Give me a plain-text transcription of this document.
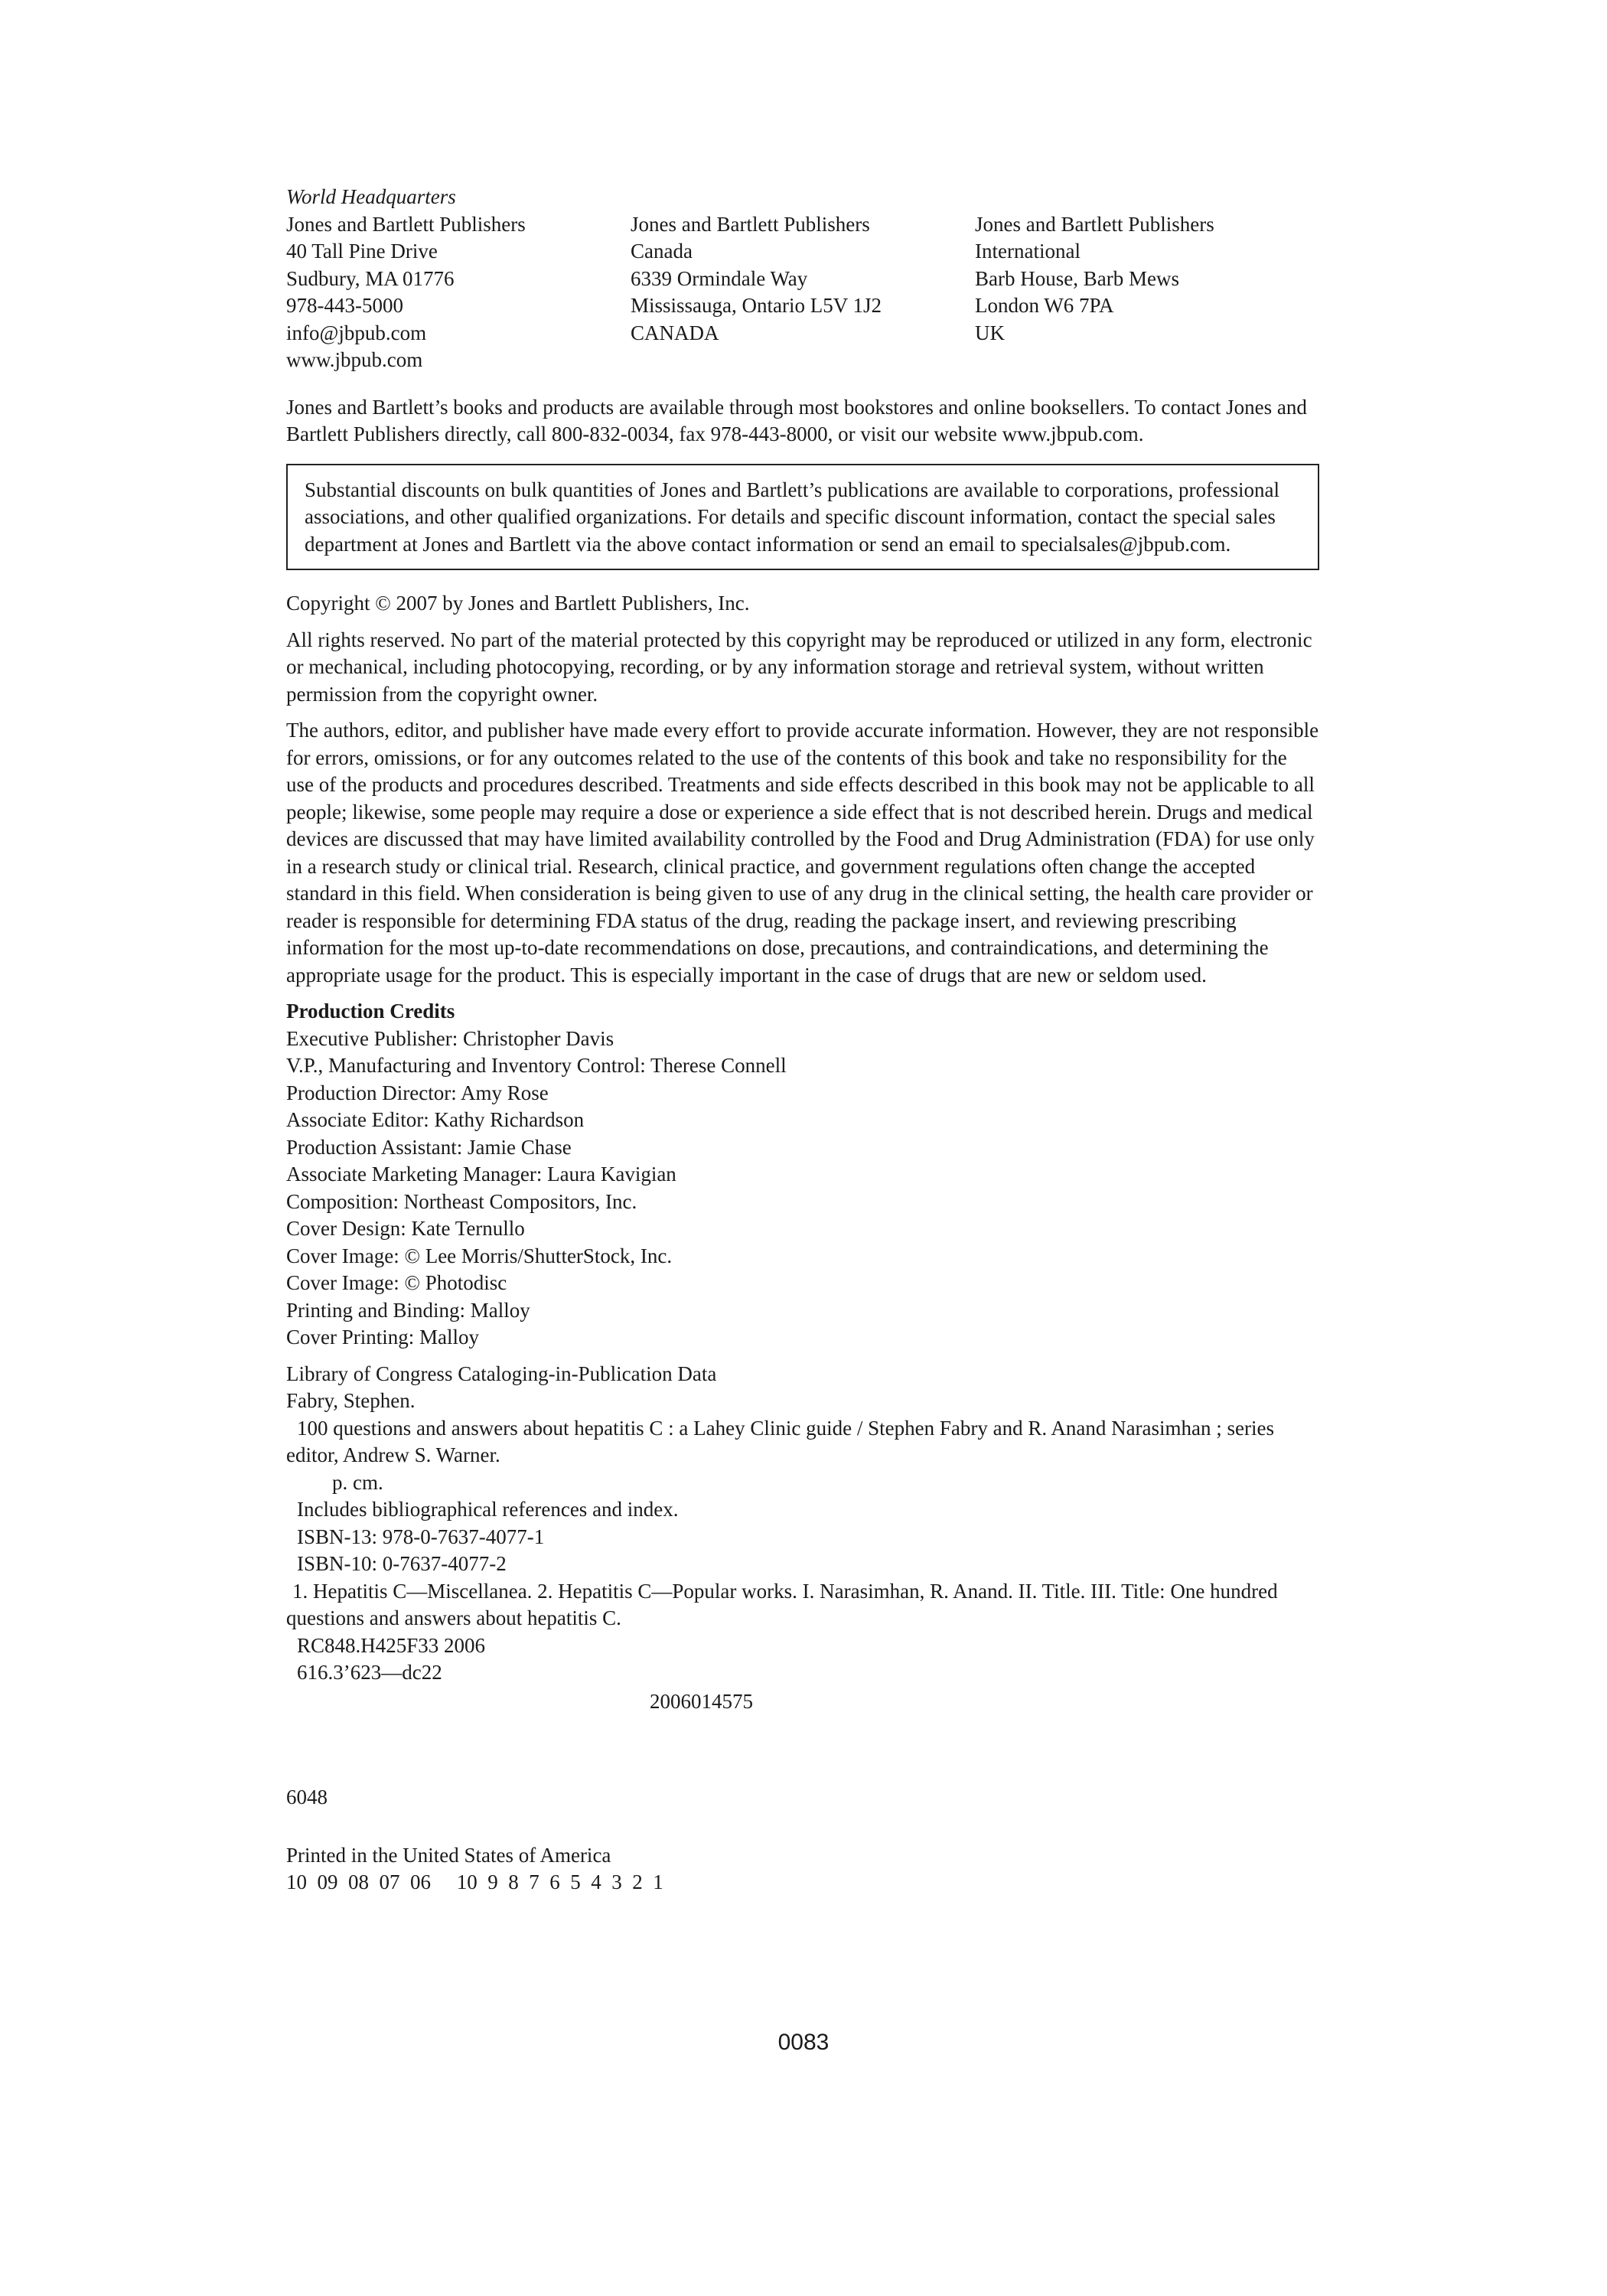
World Headquarters
Jones and Bartlett Publishers
40 Tall Pine Drive
Sudbury, MA 01776
978-443-5000
info@jbpub.com
www.jbpub.com
Jones and Bartlett Publishers
Canada
6339 Ormindale Way
Mississauga, Ontario L5V 1J2
CANADA
Jones and Bartlett Publishers
International
Barb House, Barb Mews
London W6 7PA
UK

Jones and Bartlett’s books and products are available through most bookstores and online booksellers. To contact Jones and Bartlett Publishers directly, call 800-832-0034, fax 978-443-8000, or visit our website www.jbpub.com.

Substantial discounts on bulk quantities of Jones and Bartlett’s publications are available to corporations, professional associations, and other qualified organizations. For details and specific discount information, contact the special sales department at Jones and Bartlett via the above contact information or send an email to specialsales@jbpub.com.

Copyright © 2007 by Jones and Bartlett Publishers, Inc.

All rights reserved. No part of the material protected by this copyright may be reproduced or utilized in any form, electronic or mechanical, including photocopying, recording, or by any information storage and retrieval system, without written permission from the copyright owner.

The authors, editor, and publisher have made every effort to provide accurate information. However, they are not responsible for errors, omissions, or for any outcomes related to the use of the contents of this book and take no responsibility for the use of the products and procedures described. Treatments and side effects described in this book may not be applicable to all people; likewise, some people may require a dose or experience a side effect that is not described herein. Drugs and medical devices are discussed that may have limited availability controlled by the Food and Drug Administration (FDA) for use only in a research study or clinical trial. Research, clinical practice, and government regulations often change the accepted standard in this field. When consideration is being given to use of any drug in the clinical setting, the health care provider or reader is responsible for determining FDA status of the drug, reading the package insert, and reviewing prescribing information for the most up-to-date recommendations on dose, precautions, and contraindications, and determining the appropriate usage for the product. This is especially important in the case of drugs that are new or seldom used.

Production Credits
Executive Publisher: Christopher Davis
V.P., Manufacturing and Inventory Control: Therese Connell
Production Director: Amy Rose
Associate Editor: Kathy Richardson
Production Assistant: Jamie Chase
Associate Marketing Manager: Laura Kavigian
Composition: Northeast Compositors, Inc.
Cover Design: Kate Ternullo
Cover Image: © Lee Morris/ShutterStock, Inc.
Cover Image: © Photodisc
Printing and Binding: Malloy
Cover Printing: Malloy
Library of Congress Cataloging-in-Publication Data
Fabry, Stephen.
100 questions and answers about hepatitis C : a Lahey Clinic guide / Stephen Fabry and R. Anand Narasimhan ; series editor, Andrew S. Warner.
p. cm.
Includes bibliographical references and index.
ISBN-13: 978-0-7637-4077-1
ISBN-10: 0-7637-4077-2
1. Hepatitis C—Miscellanea. 2. Hepatitis C—Popular works. I. Narasimhan, R. Anand. II. Title. III. Title: One hundred questions and answers about hepatitis C.
RC848.H425F33 2006
616.3’623—dc22
2006014575
6048
Printed in the United States of America
10  09  08  07  06     10  9  8  7  6  5  4  3  2  1
0083
